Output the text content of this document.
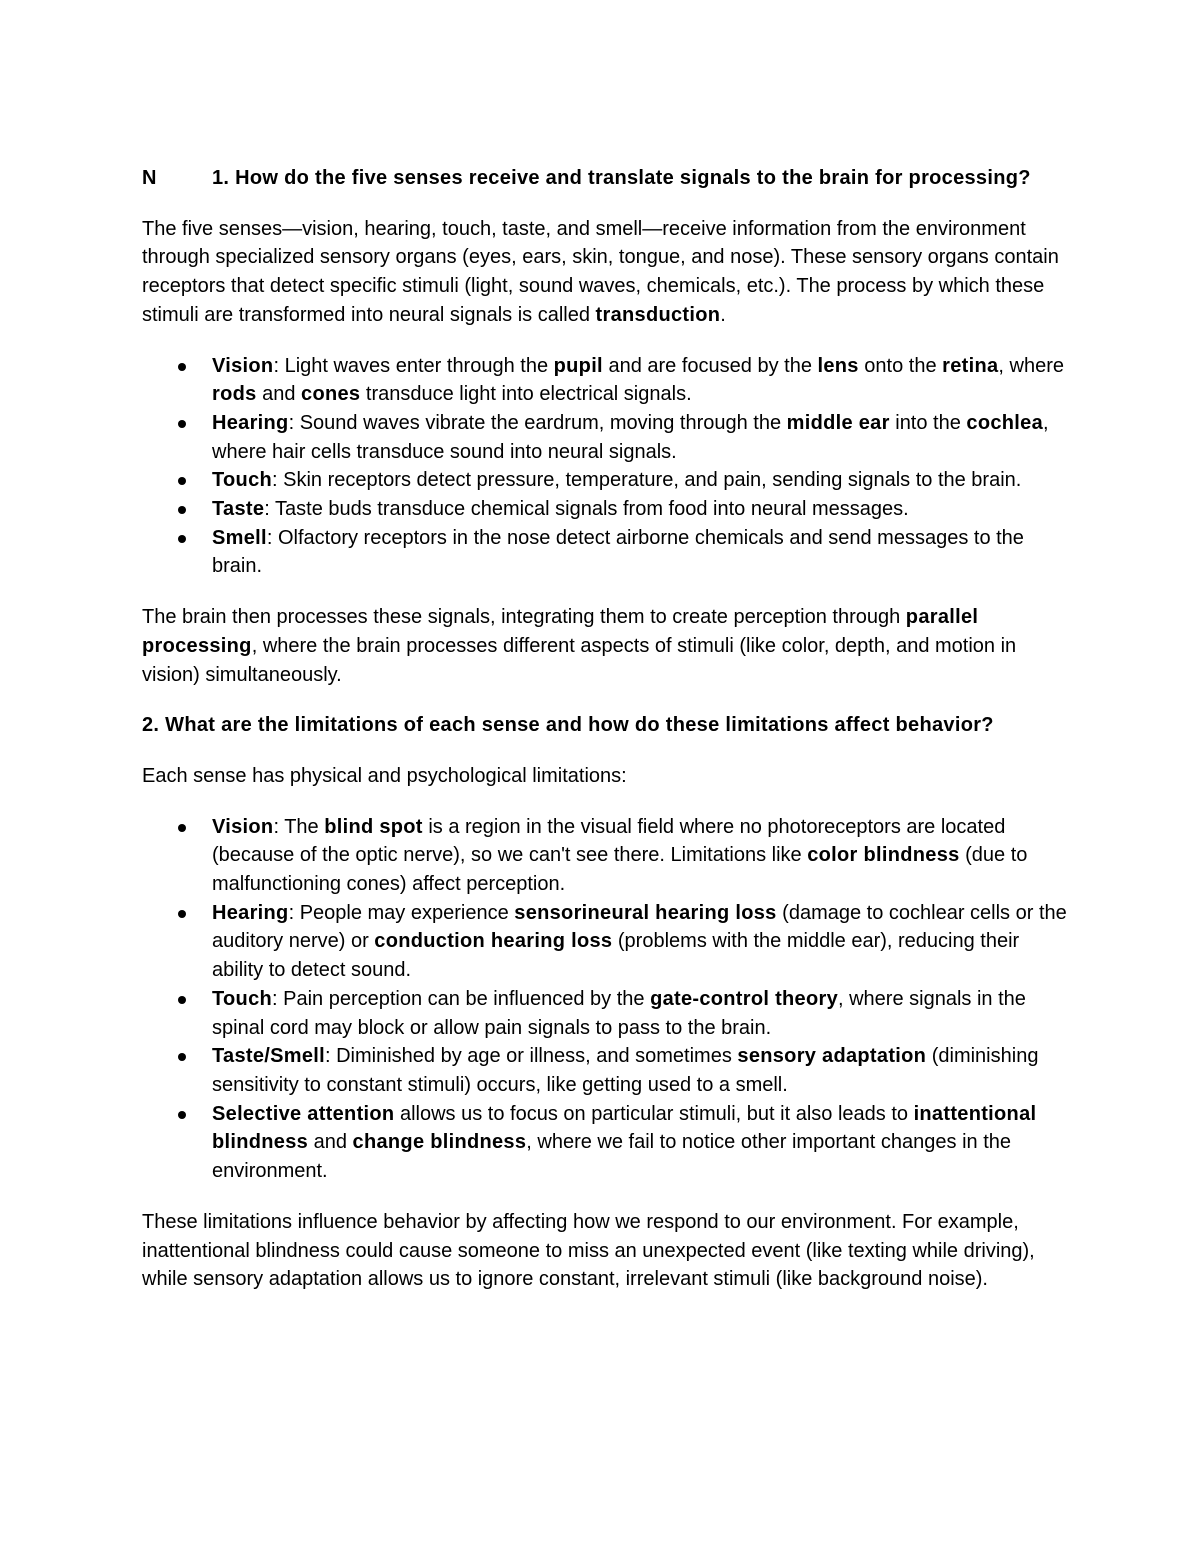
N	1. How do the five senses receive and translate signals to the brain for processing?

The five senses—vision, hearing, touch, taste, and smell—receive information from the environment through specialized sensory organs (eyes, ears, skin, tongue, and nose). These sensory organs contain receptors that detect specific stimuli (light, sound waves, chemicals, etc.). The process by which these stimuli are transformed into neural signals is called transduction.

Vision: Light waves enter through the pupil and are focused by the lens onto the retina, where rods and cones transduce light into electrical signals.
Hearing: Sound waves vibrate the eardrum, moving through the middle ear into the cochlea, where hair cells transduce sound into neural signals.
Touch: Skin receptors detect pressure, temperature, and pain, sending signals to the brain.
Taste: Taste buds transduce chemical signals from food into neural messages.
Smell: Olfactory receptors in the nose detect airborne chemicals and send messages to the brain.

The brain then processes these signals, integrating them to create perception through parallel processing, where the brain processes different aspects of stimuli (like color, depth, and motion in vision) simultaneously.

2. What are the limitations of each sense and how do these limitations affect behavior?

Each sense has physical and psychological limitations:

Vision: The blind spot is a region in the visual field where no photoreceptors are located (because of the optic nerve), so we can't see there. Limitations like color blindness (due to malfunctioning cones) affect perception.
Hearing: People may experience sensorineural hearing loss (damage to cochlear cells or the auditory nerve) or conduction hearing loss (problems with the middle ear), reducing their ability to detect sound.
Touch: Pain perception can be influenced by the gate-control theory, where signals in the spinal cord may block or allow pain signals to pass to the brain.
Taste/Smell: Diminished by age or illness, and sometimes sensory adaptation (diminishing sensitivity to constant stimuli) occurs, like getting used to a smell.
Selective attention allows us to focus on particular stimuli, but it also leads to inattentional blindness and change blindness, where we fail to notice other important changes in the environment.

These limitations influence behavior by affecting how we respond to our environment. For example, inattentional blindness could cause someone to miss an unexpected event (like texting while driving), while sensory adaptation allows us to ignore constant, irrelevant stimuli (like background noise).
